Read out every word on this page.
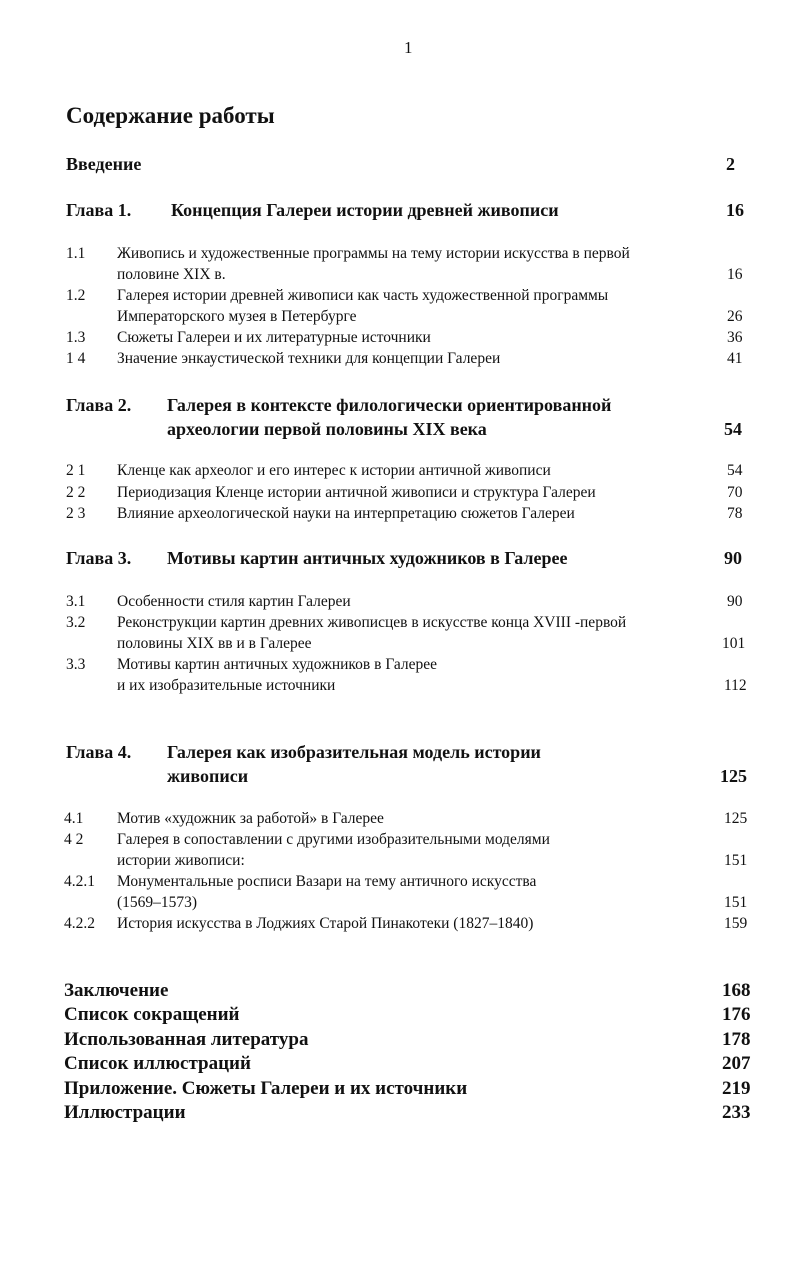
1
Содержание работы
Введение	2
Глава 1. Концепция Галереи истории древней живописи	16
1.1 Живопись и художественные программы на тему истории искусства в первой
половине XIX в.	16
1.2 Галерея истории древней живописи как часть художественной программы
Императорского музея в Петербурге	26
1.3 Сюжеты Галереи и их литературные источники	36
1 4 Значение энкаустической техники для концепции Галереи	41
Глава 2. Галерея в контексте филологически ориентированной
археологии первой половины XIX века	54
2 1 Кленце как археолог и его интерес к истории античной живописи	54
2 2 Периодизация Кленце истории античной живописи и структура Галереи	70
2 3 Влияние археологической науки на интерпретацию сюжетов Галереи	78
Глава 3. Мотивы картин античных художников в Галерее	90
3.1 Особенности стиля картин Галереи	90
3.2 Реконструкции картин древних живописцев в искусстве конца XVIII -первой
половины XIX вв и в Галерее	101
3.3 Мотивы картин античных художников в Галерее
и их изобразительные источники	112
Глава 4. Галерея как изобразительная модель истории
живописи	125
4.1 Мотив «художник за работой» в Галерее	125
4 2 Галерея в сопоставлении с другими изобразительными моделями
истории живописи:	151
4.2.1 Монументальные росписи Вазари на тему античного искусства
(1569–1573)	151
4.2.2 История искусства в Лоджиях Старой Пинакотеки (1827–1840)	159
Заключение	168
Список сокращений	176
Использованная литература	178
Список иллюстраций	207
Приложение. Сюжеты Галереи и их источники	219
Иллюстрации	233
